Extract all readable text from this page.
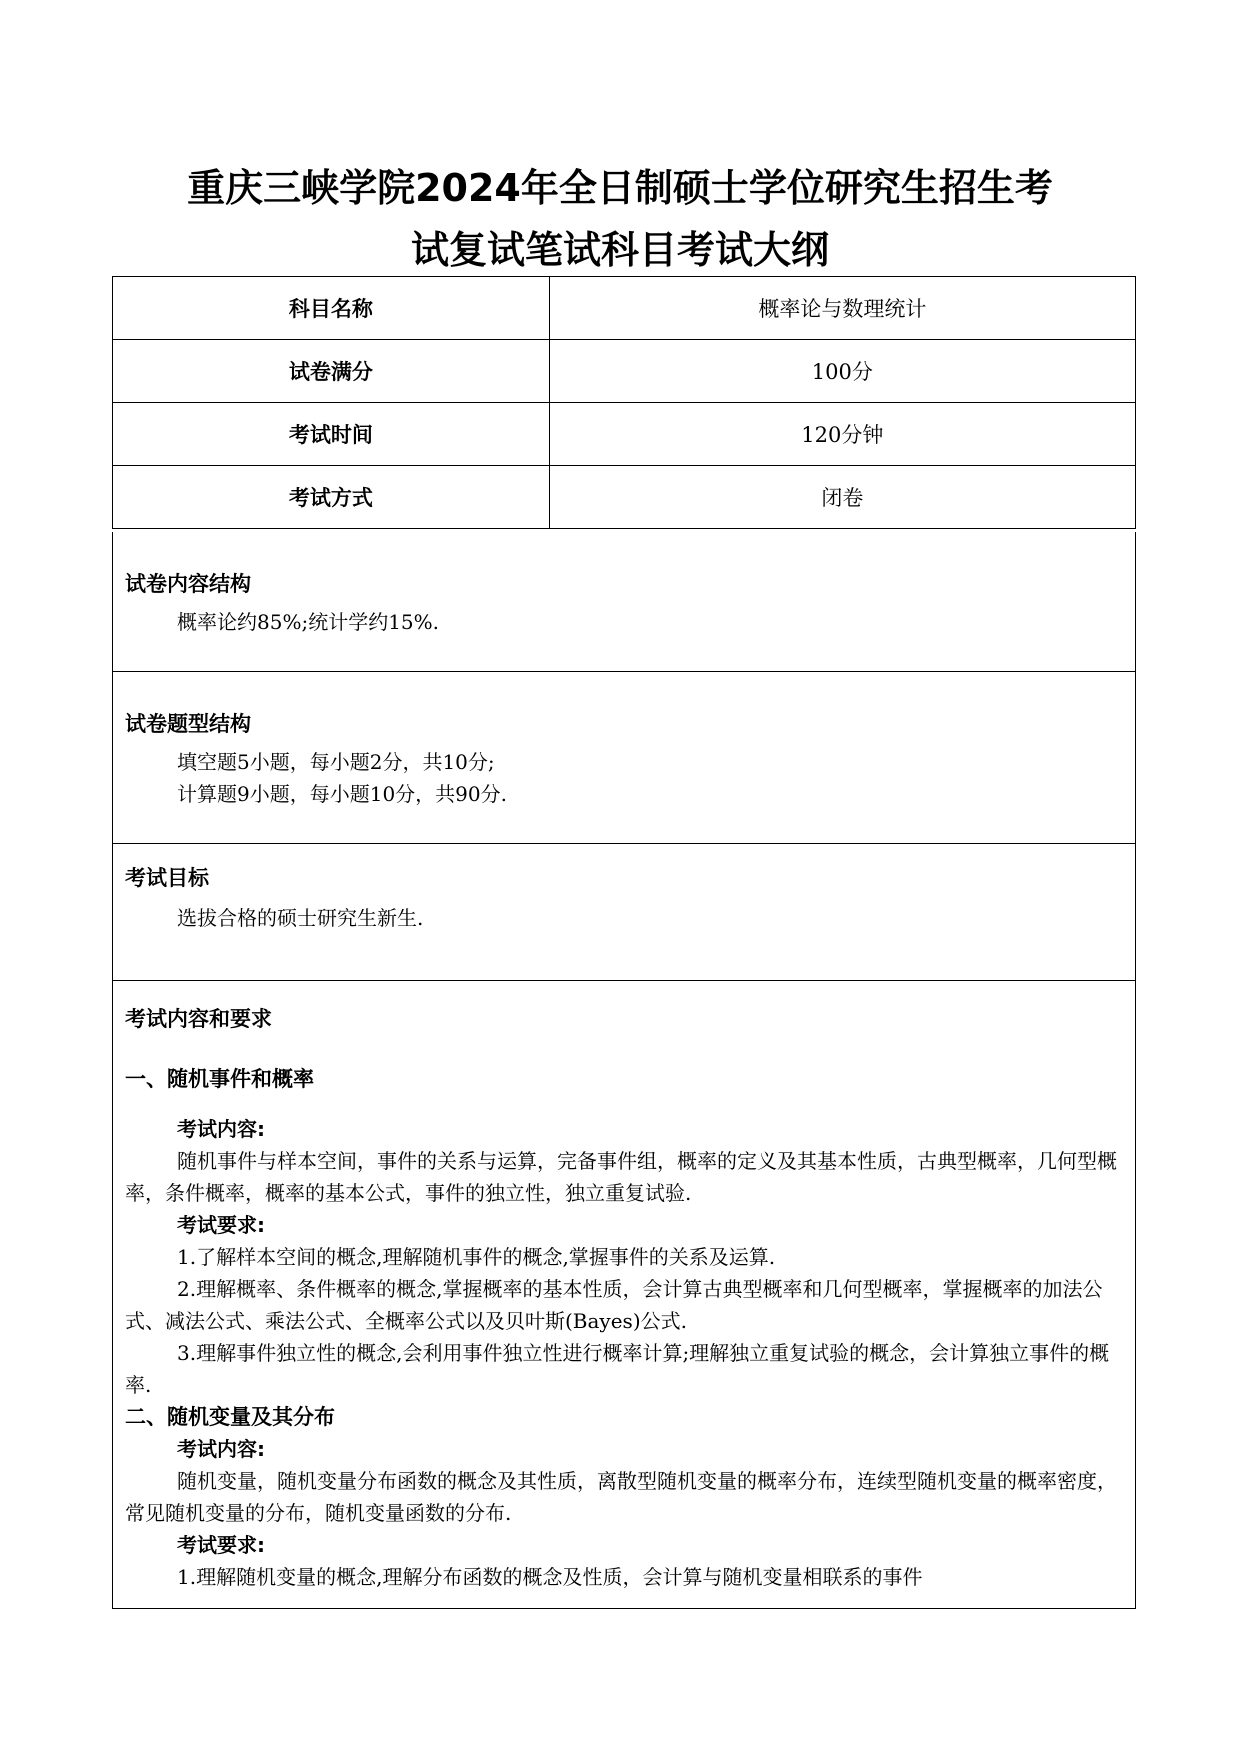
重庆三峡学院2024年全日制硕士学位研究生招生考
试复试笔试科目考试大纲
科目名称	概率论与数理统计
试卷满分	100分
考试时间	120分钟
考试方式	闭卷

试卷内容结构

概率论约85%;统计学约15%.

试卷题型结构

填空题5小题，每小题2分，共10分;

计算题9小题，每小题10分，共90分.

考试目标

选拔合格的硕士研究生新生.

考试内容和要求

一、随机事件和概率

考试内容:

随机事件与样本空间，事件的关系与运算，完备事件组，概率的定义及其基本性质，古典型概率，几何型概率，条件概率，概率的基本公式，事件的独立性，独立重复试验.

考试要求:

1.了解样本空间的概念,理解随机事件的概念,掌握事件的关系及运算.

2.理解概率、条件概率的概念,掌握概率的基本性质，会计算古典型概率和几何型概率，掌握概率的加法公式、减法公式、乘法公式、全概率公式以及贝叶斯(Bayes)公式.

3.理解事件独立性的概念,会利用事件独立性进行概率计算;理解独立重复试验的概念，会计算独立事件的概率.

二、随机变量及其分布

考试内容:

随机变量，随机变量分布函数的概念及其性质，离散型随机变量的概率分布，连续型随机变量的概率密度，常见随机变量的分布，随机变量函数的分布.

考试要求:

1.理解随机变量的概念,理解分布函数的概念及性质，会计算与随机变量相联系的事件
